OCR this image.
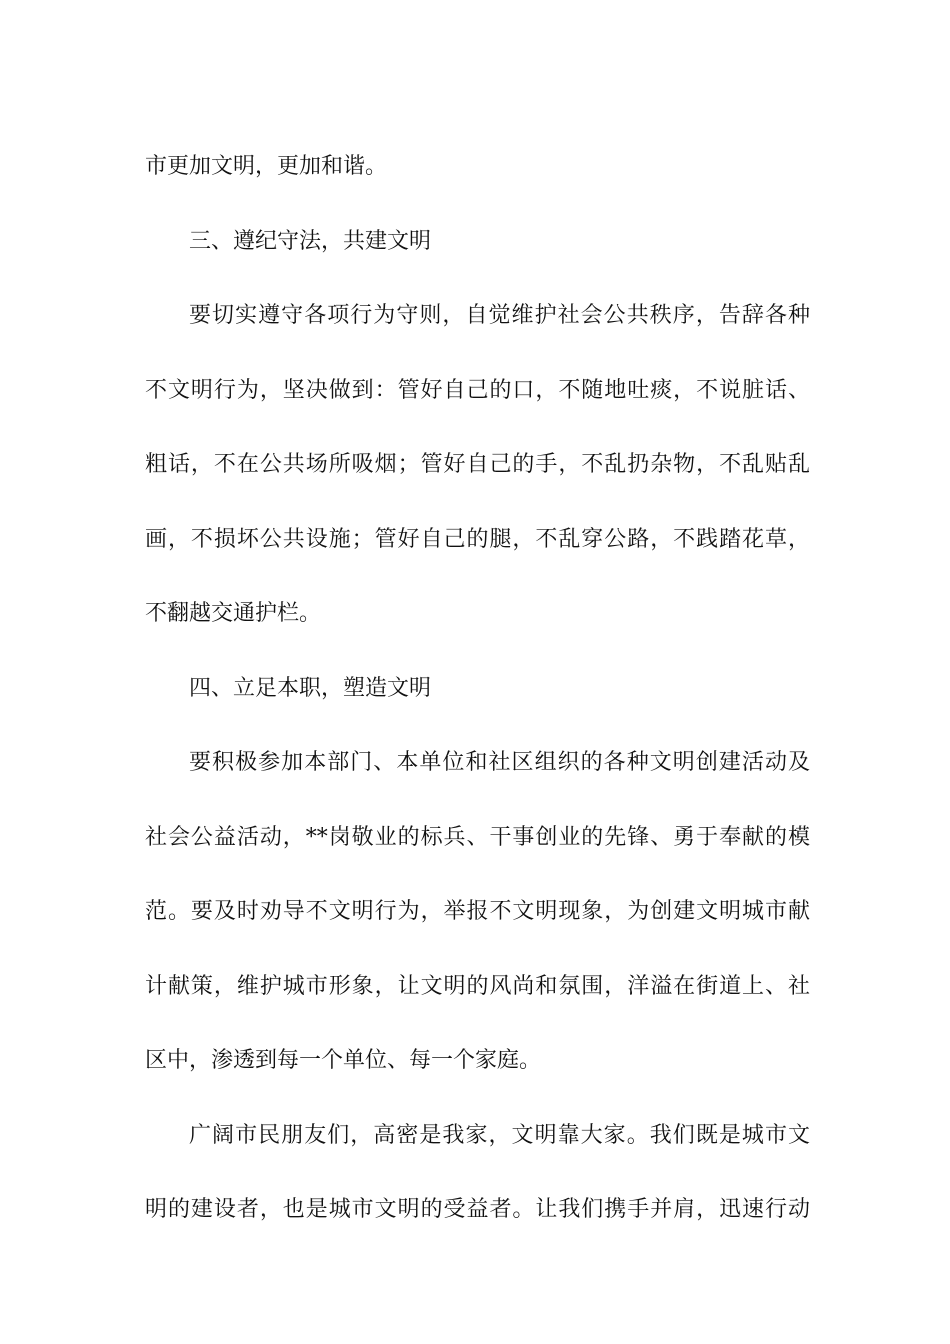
市更加文明，更加和谐。
三、遵纪守法，共建文明
要切实遵守各项行为守则，自觉维护社会公共秩序，告辞各种
不文明行为，坚决做到：管好自己的口，不随地吐痰，不说脏话、
粗话，不在公共场所吸烟；管好自己的手，不乱扔杂物，不乱贴乱
画，不损坏公共设施；管好自己的腿，不乱穿公路，不践踏花草，
不翻越交通护栏。
四、立足本职，塑造文明
要积极参加本部门、本单位和社区组织的各种文明创建活动及
社会公益活动，**岗敬业的标兵、干事创业的先锋、勇于奉献的模
范。要及时劝导不文明行为，举报不文明现象，为创建文明城市献
计献策，维护城市形象，让文明的风尚和氛围，洋溢在街道上、社
区中，渗透到每一个单位、每一个家庭。
广阔市民朋友们，高密是我家，文明靠大家。我们既是城市文
明的建设者，也是城市文明的受益者。让我们携手并肩，迅速行动
